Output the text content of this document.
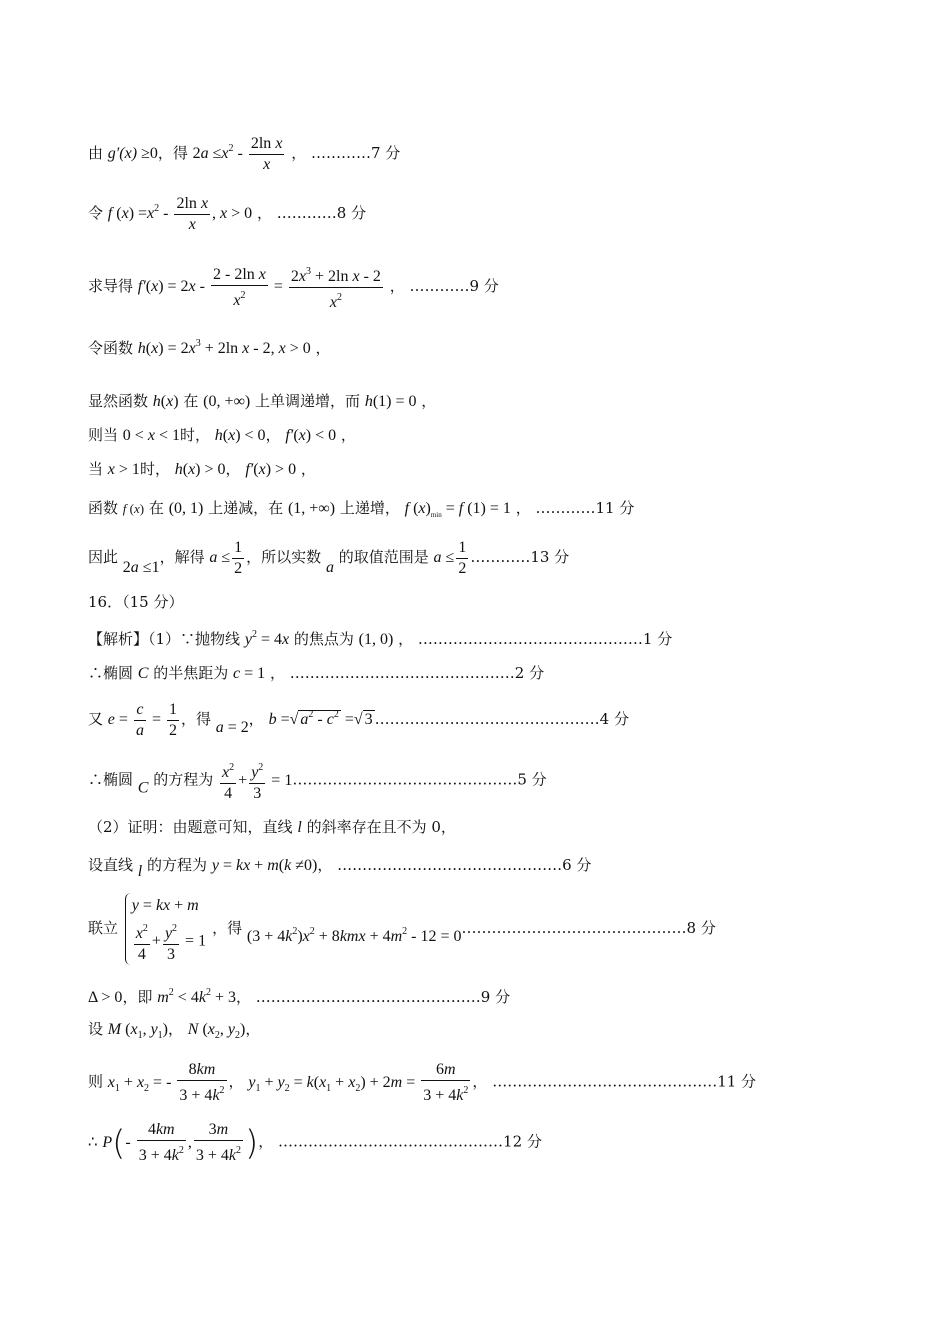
由 g′(x) ≥0，得 $2a \le x^2 - \frac{\text{2ln x}}{x}$ ， …………7 分
令 f $(x) =x^2 - \frac{\text{2ln x}}{x}$ , x > 0 ， …………8 分
求导得 $f'(x) = 2x - \frac{\text{2 - 2ln x}}{x^2} = \frac{2x^3 + 2\ln x - 2}{x^2}$ ， …………9 分
令函数 $h(x) = 2x^3 + 2\ln$ x - 2, x > 0 ，
显然函数 h(x) 在 (0, +∞) 上单调递增，而 h(1) = 0 ，
则当 0 < x < 1时， h(x) < 0， f′(x) < 0 ，
当 x > 1时， h(x) > 0， f′(x) > 0 ，
函数 f (x) 在 (0, 1) 上递减，在 (1, +∞) 上递增， f $(x)_{min} = f$ (1) = 1 ， …………11 分
因此 2a ≤1，解得 $a \le \frac{1}{2}$ ，所以实数 a 的取值范围是 $a \le \frac{1}{2}$ …………13 分
16．（15 分）
【解析】（1）∵抛物线 $y^2 = 4x$ 的焦点为 (1, 0) ， ………………………………………1 分
∴椭圆 C 的半焦距为 c = 1 ， ………………………………………2 分
又 $e = \frac{c}{a} = \frac{1}{2}$ ，得 a = 2， b =√ $a^2 - c^2$ =√ 3 ………………………………………4 分
∴椭圆 C 的方程为 $\frac{x^2}{4} + \frac{y^2}{3}$ = 1………………………………………5 分
（2）证明：由题意可知，直线 l 的斜率存在且不为 0，
设直线 l 的方程为 y = kx + m(k ≠0)， ………………………………………6 分
联立
y = kx + m
$\frac{x^2}{4} + \frac{y^2}{3} = 1$
，得 $(3 + 4k^2)x^2 + 8kmx + 4m^2 - 12$ = 0………………………………………8 分
Δ > 0，即 $m^2 < 4k^2 + 3$， ………………………………………9 分
设 M ($x_1$, $y_1$)， N ($x_2$, $y_2$)，
则 $x_1 + x_2$ = - $\frac{8km}{3 + 4k^2}$ ， $y_1 + y_2 = k(x_1 + x_2) + 2m = \frac{6m}{3 + 4k^2}$ ， ………………………………………11 分
∴ $P(- \frac{4km}{3 + 4k^2}$ , $\frac{3m}{3 + 4k^2}$ )， ………………………………………12 分
